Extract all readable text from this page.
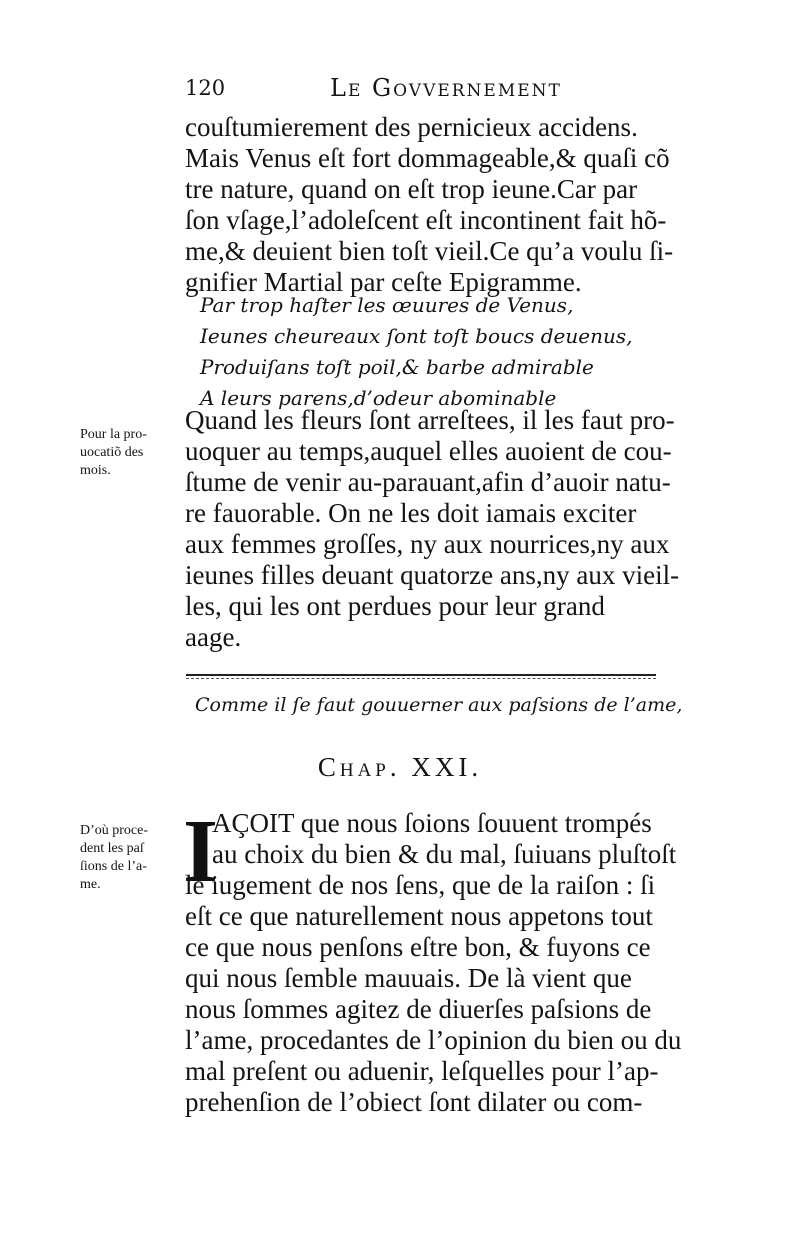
120	Le Govvernement
couſtumierement des pernicieux accidens.
Mais Venus eſt fort dommageable,& quaſi cõ
tre nature, quand on eſt trop ieune.Car par
ſon vſage,l’adoleſcent eſt incontinent fait hõ-
me,& deuient bien toſt vieil.Ce qu’a voulu ſi-
gnifier Martial par ceſte Epigramme.
Par trop haſter les œuures de Venus,
Ieunes cheureaux ſont toſt boucs deuenus,
Produiſans toſt poil,& barbe admirable
A leurs parens,d’odeur abominable
Pour la pro-
uocatiõ des
mois.
Quand les fleurs ſont arreſtees, il les faut pro-
uoquer au temps,auquel elles auoient de cou-
ſtume de venir au-parauant,afin d’auoir natu-
re fauorable. On ne les doit iamais exciter
aux femmes groſſes, ny aux nourrices,ny aux
ieunes filles deuant quatorze ans,ny aux vieil-
les, qui les ont perdues pour leur grand
aage.
Comme il ſe faut gouuerner aux paſsions de l’ame,
Chap. XXI.
I
D’où proce-
dent les paſ
ſions de l’a-
me.
AÇOIT que nous ſoions ſouuent trompés
au choix du bien & du mal, ſuiuans pluſtoſt
le iugement de nos ſens, que de la raiſon : ſi
eſt ce que naturellement nous appetons tout
ce que nous penſons eſtre bon, & fuyons ce
qui nous ſemble mauuais. De là vient que
nous ſommes agitez de diuerſes paſsions de
l’ame, procedantes de l’opinion du bien ou du
mal preſent ou aduenir, leſquelles pour l’ap-
prehenſion de l’obiect ſont dilater ou com-
